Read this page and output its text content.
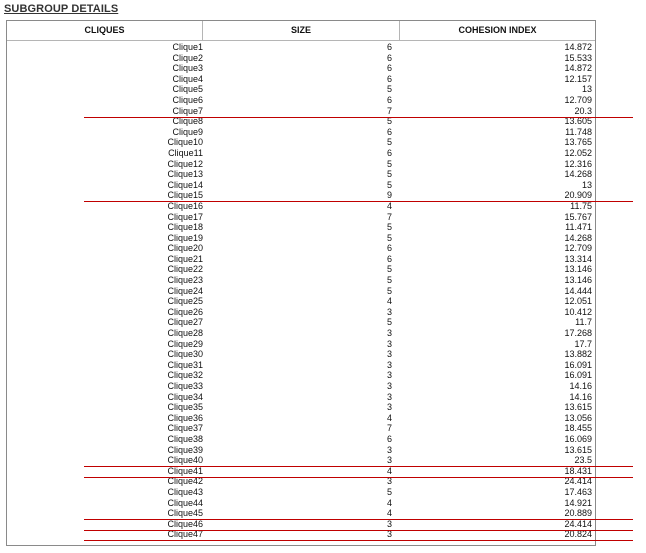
SUBGROUP DETAILS
CLIQUES	SIZE	COHESION INDEX
Clique1	6	14.872
Clique2	6	15.533
Clique3	6	14.872
Clique4	6	12.157
Clique5	5	13
Clique6	6	12.709
Clique7	7	20.3
Clique8	5	13.605
Clique9	6	11.748
Clique10	5	13.765
Clique11	6	12.052
Clique12	5	12.316
Clique13	5	14.268
Clique14	5	13
Clique15	9	20.909
Clique16	4	11.75
Clique17	7	15.767
Clique18	5	11.471
Clique19	5	14.268
Clique20	6	12.709
Clique21	6	13.314
Clique22	5	13.146
Clique23	5	13.146
Clique24	5	14.444
Clique25	4	12.051
Clique26	3	10.412
Clique27	5	11.7
Clique28	3	17.268
Clique29	3	17.7
Clique30	3	13.882
Clique31	3	16.091
Clique32	3	16.091
Clique33	3	14.16
Clique34	3	14.16
Clique35	3	13.615
Clique36	4	13.056
Clique37	7	18.455
Clique38	6	16.069
Clique39	3	13.615
Clique40	3	23.5
Clique41	4	18.431
Clique42	3	24.414
Clique43	5	17.463
Clique44	4	14.921
Clique45	4	20.889
Clique46	3	24.414
Clique47	3	20.824
